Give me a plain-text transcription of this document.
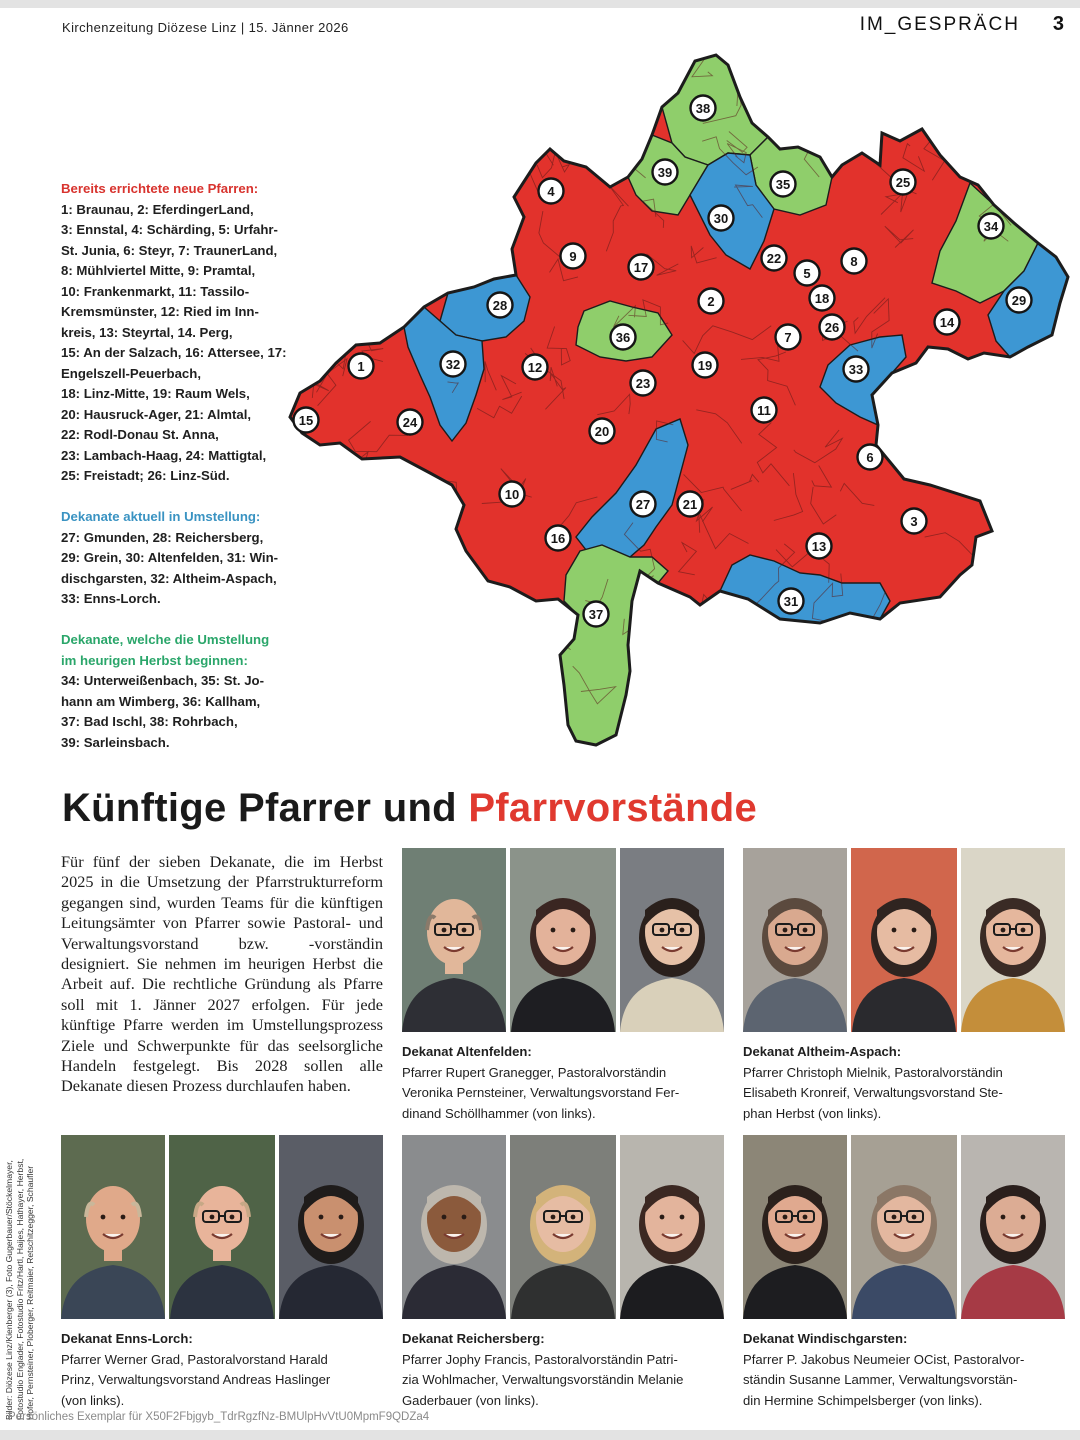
Kirchenzeitung Diözese Linz | 15. Jänner 2026	IM_GESPRÄCH 3
Bereits errichtete neue Pfarren:
1: Braunau, 2: EferdingerLand,
3: Ennstal, 4: Schärding, 5: Urfahr-
St. Junia, 6: Steyr, 7: TraunerLand,
8: Mühlviertel Mitte, 9: Pramtal,
10: Frankenmarkt, 11: Tassilo-
Kremsmünster, 12: Ried im Inn-
kreis, 13: Steyrtal, 14. Perg,
15: An der Salzach, 16: Attersee, 17:
Engelszell-Peuerbach,
18: Linz-Mitte, 19: Raum Wels,
20: Hausruck-Ager, 21: Almtal,
22: Rodl-Donau St. Anna,
23: Lambach-Haag, 24: Mattigtal,
25: Freistadt; 26: Linz-Süd.
Dekanate aktuell in Umstellung:
27: Gmunden, 28: Reichersberg,
29: Grein, 30: Altenfelden, 31: Win-
dischgarsten, 32: Altheim-Aspach,
33: Enns-Lorch.
Dekanate, welche die Umstellung
im heurigen Herbst beginnen:
34: Unterweißenbach, 35: St. Jo-
hann am Wimberg, 36: Kallham,
37: Bad Ischl, 38: Rohrbach,
39: Sarleinsbach.
1
2
3
4
5
6
7
8
9
10
11
12
13
14
15
16
17
18
19
20
21
22
23
24
25
26
27
28	29
30
31
32	33
34
35
36
37
38
39
Künftige Pfarrer und Pfarrvorstände
Für fünf der sieben Dekanate, die im Herbst 2025 in die Umsetzung der Pfarrstrukturreform gegangen sind, wurden Teams für die künftigen Leitungsämter von Pfarrer sowie Pastoral- und Verwaltungsvorstand bzw. -vorständin designiert. Sie nehmen im heurigen Herbst die Arbeit auf. Die rechtliche Gründung als Pfarre soll mit 1. Jänner 2027 erfolgen. Für jede künftige Pfarre werden im Umstellungsprozess Ziele und Schwerpunkte für das seelsorgliche Handeln festgelegt. Bis 2028 sollen alle Dekanate diesen Prozess durchlaufen haben.
Dekanat Altenfelden:
Pfarrer Rupert Granegger, Pastoralvorständin
Veronika Pernsteiner, Verwaltungsvorstand Fer-
dinand Schöllhammer (von links).
Dekanat Altheim-Aspach:
Pfarrer Christoph Mielnik, Pastoralvorständin
Elisabeth Kronreif, Verwaltungsvorstand Ste-
phan Herbst (von links).
Dekanat Enns-Lorch:
Pfarrer Werner Grad, Pastoralvorstand Harald
Prinz, Verwaltungsvorstand Andreas Haslinger
(von links).
Dekanat Reichersberg:
Pfarrer Jophy Francis, Pastoralvorständin Patri-
zia Wohlmacher, Verwaltungsvorständin Melanie
Gaderbauer (von links).
Dekanat Windischgarsten:
Pfarrer P. Jakobus Neumeier OCist, Pastoralvor-
ständin Susanne Lammer, Verwaltungsvorstän-
din Hermine Schimpelsberger (von links).
Bilder: Diözese Linz/Kienberger (3), Foto Gugerbauer/Stöckelmayer, Fotostudio Englader, Fotostudio Fritz/Hartl, Haijes, Hathayer, Herbst, Hofer, Pernsteiner, Ploberger, Reitmaier, Retschitzegger, Schaufler
Persönliches Exemplar für X50F2Fbjgyb_TdrRgzfNz-BMUlpHvVtU0MpmF9QDZa4
